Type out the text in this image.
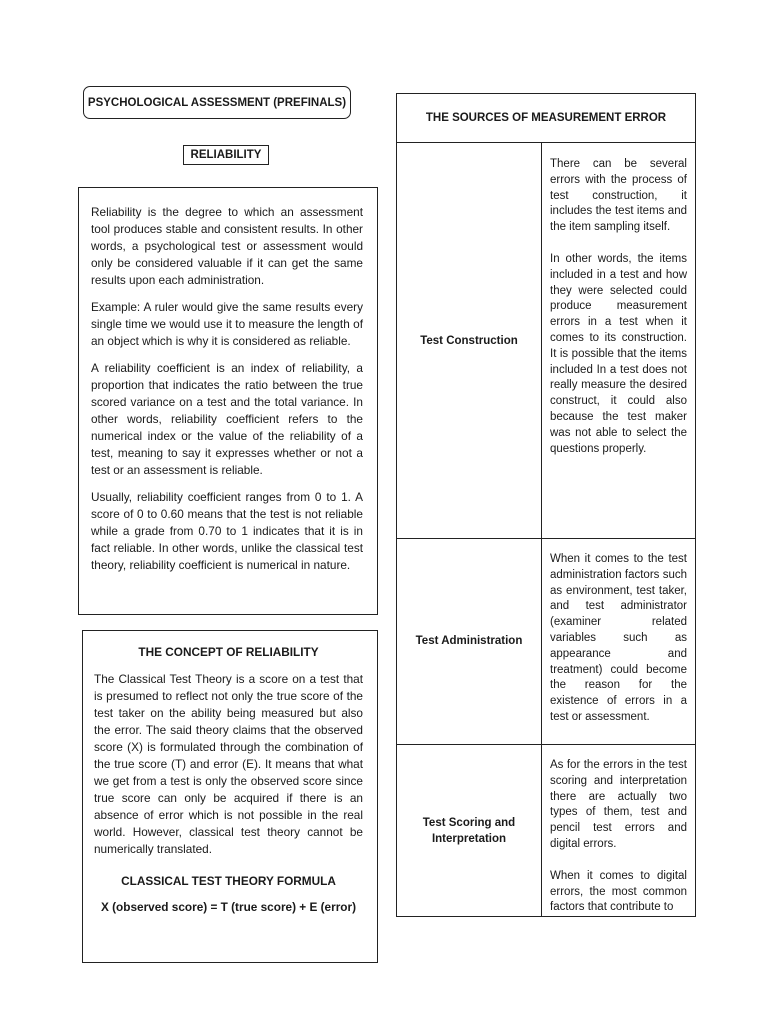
PSYCHOLOGICAL ASSESSMENT (PREFINALS)
RELIABILITY

Reliability is the degree to which an assessment tool produces stable and consistent results. In other words, a psychological test or assessment would only be considered valuable if it can get the same results upon each administration.

Example: A ruler would give the same results every single time we would use it to measure the length of an object which is why it is considered as reliable.

A reliability coefficient is an index of reliability, a proportion that indicates the ratio between the true scored variance on a test and the total variance. In other words, reliability coefficient refers to the numerical index or the value of the reliability of a test, meaning to say it expresses whether or not a test or an assessment is reliable.

Usually, reliability coefficient ranges from 0 to 1. A score of 0 to 0.60 means that the test is not reliable while a grade from 0.70 to 1 indicates that it is in fact reliable. In other words, unlike the classical test theory, reliability coefficient is numerical in nature.

THE CONCEPT OF RELIABILITY

The Classical Test Theory is a score on a test that is presumed to reflect not only the true score of the test taker on the ability being measured but also the error. The said theory claims that the observed score (X) is formulated through the combination of the true score (T) and error (E). It means that what we get from a test is only the observed score since true score can only be acquired if there is an absence of error which is not possible in the real world. However, classical test theory cannot be numerically translated.

CLASSICAL TEST THEORY FORMULA

X (observed score) = T (true score) + E (error)

THE SOURCES OF MEASUREMENT ERROR
Test Construction

There can be several errors with the process of test construction, it includes the test items and the item sampling itself.

In other words, the items included in a test and how they were selected could produce measurement errors in a test when it comes to its construction. It is possible that the items included In a test does not really measure the desired construct, it could also because the test maker was not able to select the questions properly.

Test Administration

When it comes to the test administration factors such as environment, test taker, and test administrator (examiner related variables such as appearance and treatment) could become the reason for the existence of errors in a test or assessment.

Test Scoring and Interpretation

As for the errors in the test scoring and interpretation there are actually two types of them, test and pencil test errors and digital errors.

When it comes to digital errors, the most common factors that contribute to
